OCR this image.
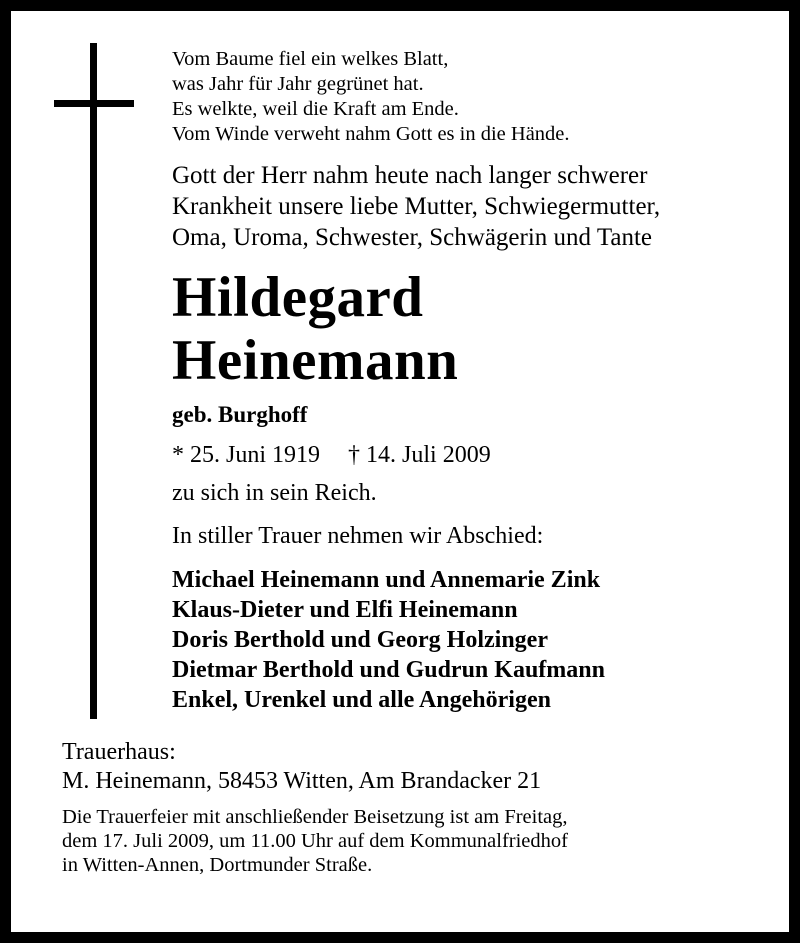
Vom Baume fiel ein welkes Blatt,
was Jahr für Jahr gegrünet hat.
Es welkte, weil die Kraft am Ende.
Vom Winde verweht nahm Gott es in die Hände.
Gott der Herr nahm heute nach langer schwerer
Krankheit unsere liebe Mutter, Schwiegermutter,
Oma, Uroma, Schwester, Schwägerin und Tante
Hildegard
Heinemann
geb. Burghoff
* 25. Juni 1919 † 14. Juli 2009
zu sich in sein Reich.
In stiller Trauer nehmen wir Abschied:
Michael Heinemann und Annemarie Zink
Klaus-Dieter und Elfi Heinemann
Doris Berthold und Georg Holzinger
Dietmar Berthold und Gudrun Kaufmann
Enkel, Urenkel und alle Angehörigen
Trauerhaus:
M. Heinemann, 58453 Witten, Am Brandacker 21
Die Trauerfeier mit anschließender Beisetzung ist am Freitag,
dem 17. Juli 2009, um 11.00 Uhr auf dem Kommunalfriedhof
in Witten-Annen, Dortmunder Straße.
